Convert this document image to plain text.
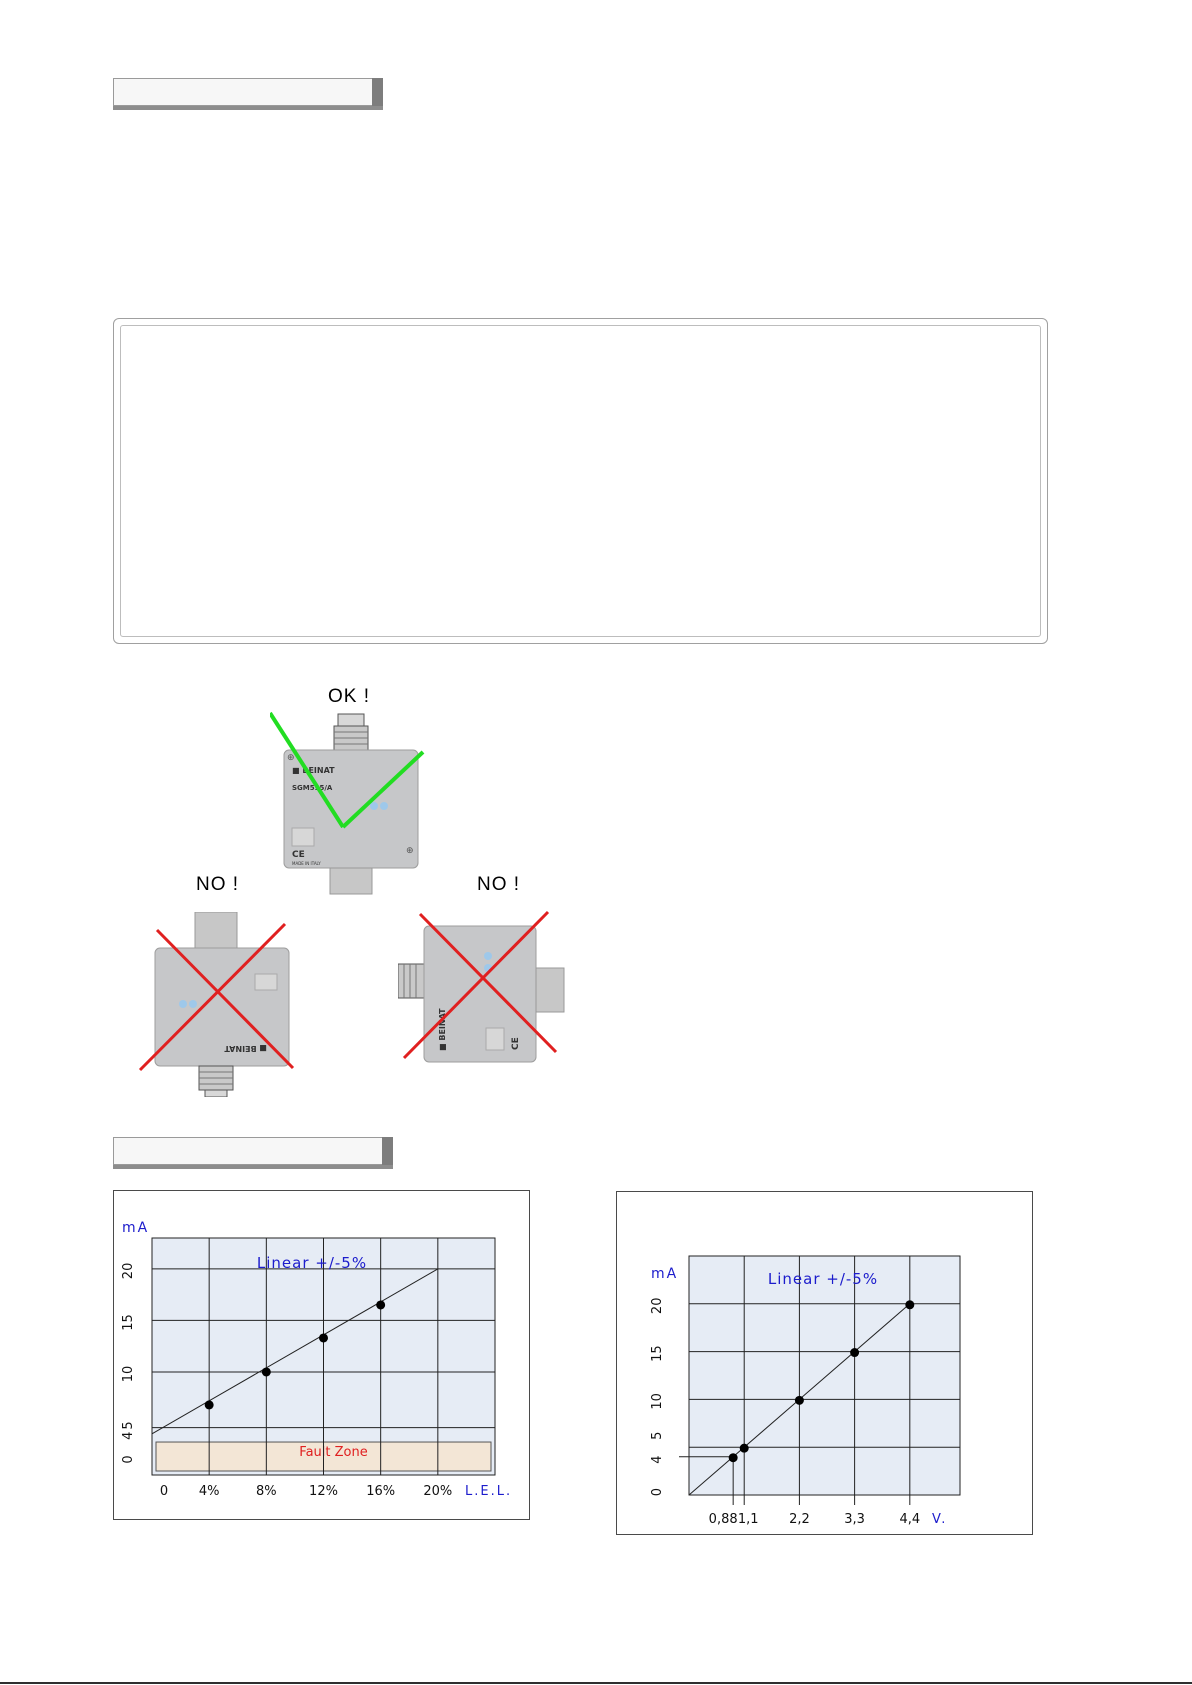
OK !
NO !	NO !
■ BEINAT
SGM595/A
CE
MADE IN ITALY
⊕
⊕
■ BEINAT	■ BEINAT	CE
Fault Zone
0 4%	8% 12% 16% 20%
0
4
5
10
15
20
mA
L.E.L.
Linear +/-5%
0,88 1,1 2,2	3,3	4,4
0
4
5
10
15
20
mA
V.
Linear +/-5%
